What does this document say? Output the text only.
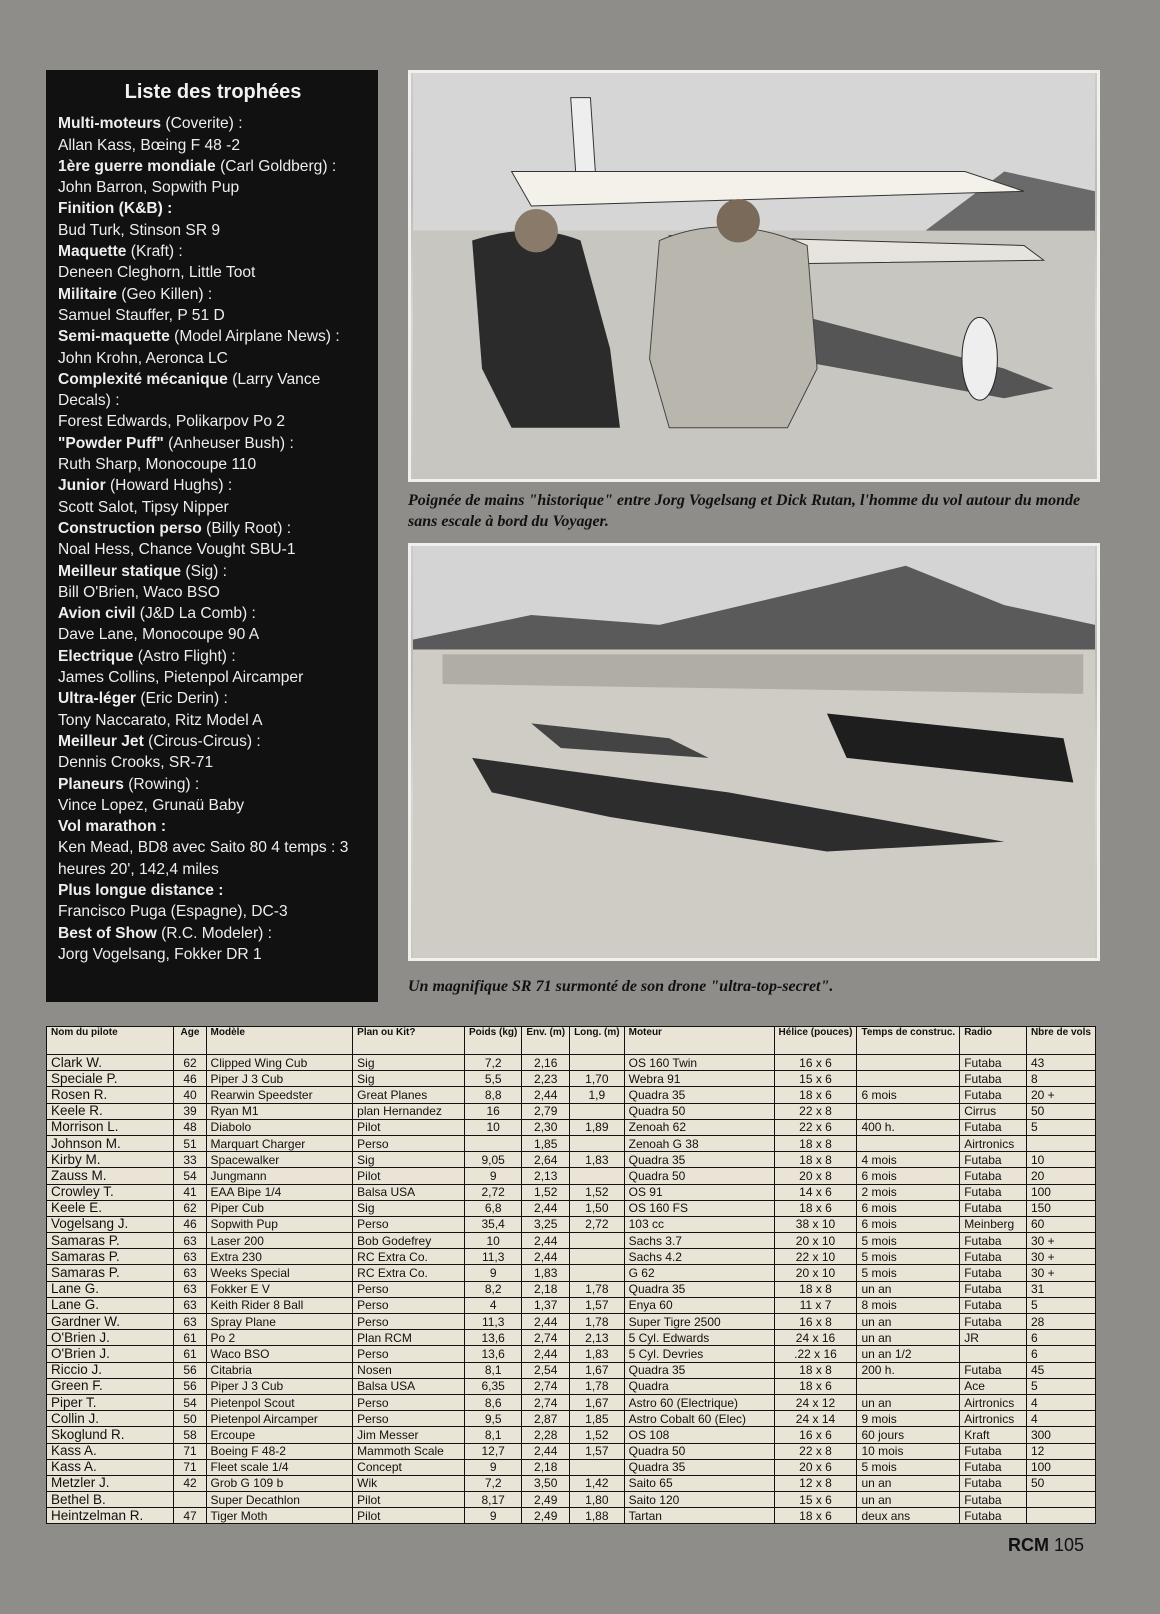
Liste des trophées
Multi-moteurs (Coverite) :
Allan Kass, Bœing F 48 -2
1ère guerre mondiale (Carl Goldberg) :
John Barron, Sopwith Pup
Finition (K&B) :
Bud Turk, Stinson SR 9
Maquette (Kraft) :
Deneen Cleghorn, Little Toot
Militaire (Geo Killen) :
Samuel Stauffer, P 51 D
Semi-maquette (Model Airplane News) :
John Krohn, Aeronca LC
Complexité mécanique (Larry Vance Decals) :
Forest Edwards, Polikarpov Po 2
"Powder Puff" (Anheuser Bush) :
Ruth Sharp, Monocoupe 110
Junior (Howard Hughs) :
Scott Salot, Tipsy Nipper
Construction perso (Billy Root) :
Noal Hess, Chance Vought SBU-1
Meilleur statique (Sig) :
Bill O'Brien, Waco BSO
Avion civil (J&D La Comb) :
Dave Lane, Monocoupe 90 A
Electrique (Astro Flight) :
James Collins, Pietenpol Aircamper
Ultra-léger (Eric Derin) :
Tony Naccarato, Ritz Model A
Meilleur Jet (Circus-Circus) :
Dennis Crooks, SR-71
Planeurs (Rowing) :
Vince Lopez, Grunaü Baby
Vol marathon :
Ken Mead, BD8 avec Saito 80 4 temps : 3 heures 20', 142,4 miles
Plus longue distance :
Francisco Puga (Espagne), DC-3
Best of Show (R.C. Modeler) :
Jorg Vogelsang, Fokker DR 1
Poignée de mains "historique" entre Jorg Vogelsang et Dick Rutan, l'homme du vol autour du monde sans escale à bord du Voyager.
Un magnifique SR 71 surmonté de son drone "ultra-top-secret".
Nom du pilote	Age	Modèle	Plan ou Kit?	Poids (kg)	Env. (m)	Long. (m)	Moteur	Hélice (pouces)	Temps de construc.	Radio	Nbre de vols
Clark W.	62	Clipped Wing Cub	Sig	7,2	2,16		OS 160 Twin	16 x 6		Futaba	43
Speciale P.	46	Piper J 3 Cub	Sig	5,5	2,23	1,70	Webra 91	15 x 6		Futaba	8
Rosen R.	40	Rearwin Speedster	Great Planes	8,8	2,44	1,9	Quadra 35	18 x 6	6 mois	Futaba	20 +
Keele R.	39	Ryan M1	plan Hernandez	16	2,79		Quadra 50	22 x 8		Cirrus	50
Morrison L.	48	Diabolo	Pilot	10	2,30	1,89	Zenoah 62	22 x 6	400 h.	Futaba	5
Johnson M.	51	Marquart Charger	Perso		1,85		Zenoah G 38	18 x 8		Airtronics	
Kirby M.	33	Spacewalker	Sig	9,05	2,64	1,83	Quadra 35	18 x 8	4 mois	Futaba	10
Zauss M.	54	Jungmann	Pilot	9	2,13		Quadra 50	20 x 8	6 mois	Futaba	20
Crowley T.	41	EAA Bipe 1/4	Balsa USA	2,72	1,52	1,52	OS 91	14 x 6	2 mois	Futaba	100
Keele E.	62	Piper Cub	Sig	6,8	2,44	1,50	OS 160 FS	18 x 6	6 mois	Futaba	150
Vogelsang J.	46	Sopwith Pup	Perso	35,4	3,25	2,72	103 cc	38 x 10	6 mois	Meinberg	60
Samaras P.	63	Laser 200	Bob Godefrey	10	2,44		Sachs 3.7	20 x 10	5 mois	Futaba	30 +
Samaras P.	63	Extra 230	RC Extra Co.	11,3	2,44		Sachs 4.2	22 x 10	5 mois	Futaba	30 +
Samaras P.	63	Weeks Special	RC Extra Co.	9	1,83		G 62	20 x 10	5 mois	Futaba	30 +
Lane G.	63	Fokker E V	Perso	8,2	2,18	1,78	Quadra 35	18 x 8	un an	Futaba	31
Lane G.	63	Keith Rider 8 Ball	Perso	4	1,37	1,57	Enya 60	11 x 7	8 mois	Futaba	5
Gardner W.	63	Spray Plane	Perso	11,3	2,44	1,78	Super Tigre 2500	16 x 8	un an	Futaba	28
O'Brien J.	61	Po 2	Plan RCM	13,6	2,74	2,13	5 Cyl. Edwards	24 x 16	un an	JR	6
O'Brien J.	61	Waco BSO	Perso	13,6	2,44	1,83	5 Cyl. Devries	.22 x 16	un an 1/2		6
Riccio J.	56	Citabria	Nosen	8,1	2,54	1,67	Quadra 35	18 x 8	200 h.	Futaba	45
Green F.	56	Piper J 3 Cub	Balsa USA	6,35	2,74	1,78	Quadra	18 x 6		Ace	5
Piper T.	54	Pietenpol Scout	Perso	8,6	2,74	1,67	Astro 60 (Electrique)	24 x 12	un an	Airtronics	4
Collin J.	50	Pietenpol Aircamper	Perso	9,5	2,87	1,85	Astro Cobalt 60 (Elec)	24 x 14	9 mois	Airtronics	4
Skoglund R.	58	Ercoupe	Jim Messer	8,1	2,28	1,52	OS 108	16 x 6	60 jours	Kraft	300
Kass A.	71	Boeing F 48-2	Mammoth Scale	12,7	2,44	1,57	Quadra 50	22 x 8	10 mois	Futaba	12
Kass A.	71	Fleet scale 1/4	Concept	9	2,18		Quadra 35	20 x 6	5 mois	Futaba	100
Metzler J.	42	Grob G 109 b	Wik	7,2	3,50	1,42	Saito 65	12 x 8	un an	Futaba	50
Bethel B.		Super Decathlon	Pilot	8,17	2,49	1,80	Saito 120	15 x 6	un an	Futaba	
Heintzelman R.	47	Tiger Moth	Pilot	9	2,49	1,88	Tartan	18 x 6	deux ans	Futaba	
RCM 105
